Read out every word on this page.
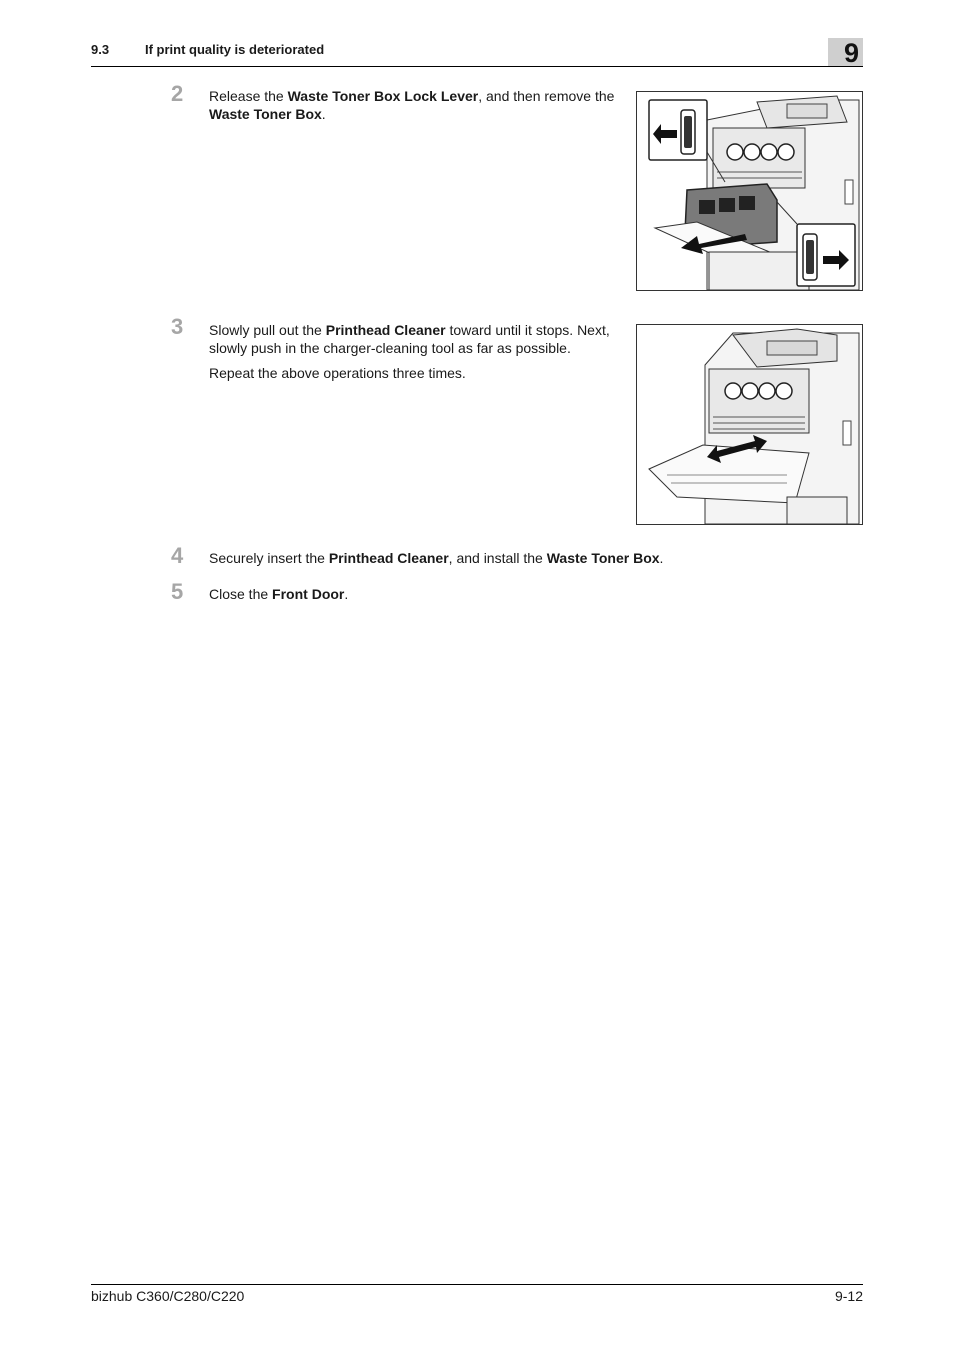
9.3	If print quality is deteriorated	9
2 Release the Waste Toner Box Lock Lever, and then remove the Waste Toner Box.
3 Slowly pull out the Printhead Cleaner toward until it stops. Next, slowly push in the charger-cleaning tool as far as possible.
Repeat the above operations three times.
4 Securely insert the Printhead Cleaner, and install the Waste Toner Box.
5 Close the Front Door.
bizhub C360/C280/C220	9-12
